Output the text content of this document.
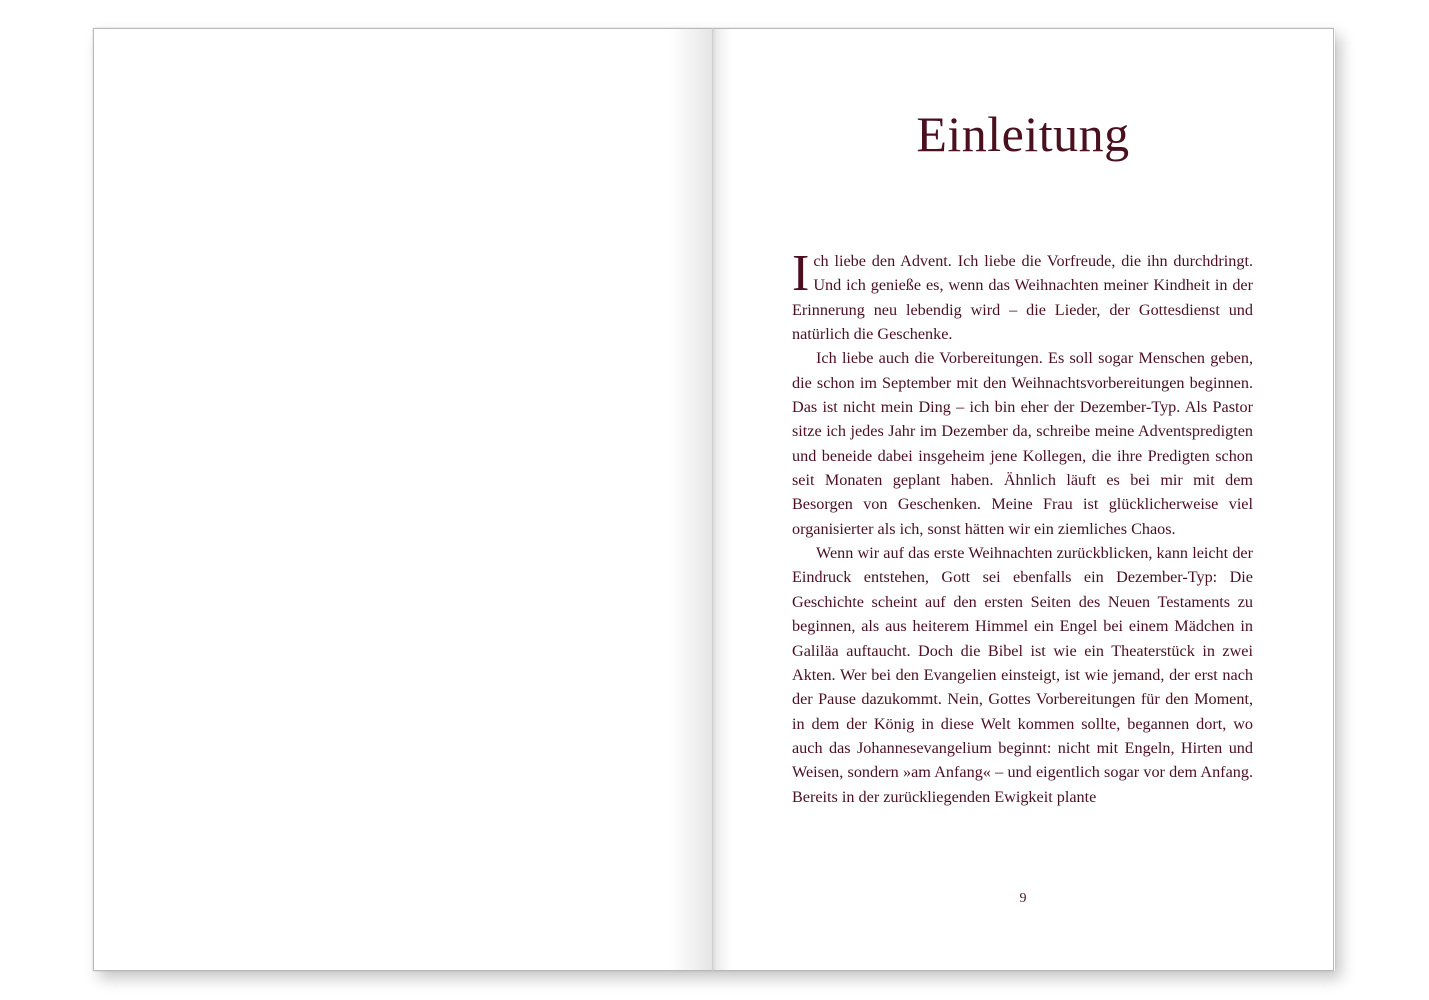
Einleitung

Ich liebe den Advent. Ich liebe die Vorfreude, die ihn durchdringt. Und ich genieße es, wenn das Weihnachten meiner Kindheit in der Erinnerung neu lebendig wird – die Lieder, der Gottesdienst und natürlich die Geschenke.

Ich liebe auch die Vorbereitungen. Es soll sogar Menschen geben, die schon im September mit den Weihnachtsvorbereitungen beginnen. Das ist nicht mein Ding – ich bin eher der Dezember-Typ. Als Pastor sitze ich jedes Jahr im Dezember da, schreibe meine Adventspredigten und beneide dabei insgeheim jene Kollegen, die ihre Predigten schon seit Monaten geplant haben. Ähnlich läuft es bei mir mit dem Besorgen von Geschenken. Meine Frau ist glücklicherweise viel organisierter als ich, sonst hätten wir ein ziemliches Chaos.

Wenn wir auf das erste Weihnachten zurückblicken, kann leicht der Eindruck entstehen, Gott sei ebenfalls ein Dezember-Typ: Die Geschichte scheint auf den ersten Seiten des Neuen Testaments zu beginnen, als aus heiterem Himmel ein Engel bei einem Mädchen in Galiläa auftaucht. Doch die Bibel ist wie ein Theaterstück in zwei Akten. Wer bei den Evangelien einsteigt, ist wie jemand, der erst nach der Pause dazukommt. Nein, Gottes Vorbereitungen für den Moment, in dem der König in diese Welt kommen sollte, begannen dort, wo auch das Johannesevangelium beginnt: nicht mit Engeln, Hirten und Weisen, sondern »am Anfang« – und eigentlich sogar vor dem Anfang. Bereits in der zurückliegenden Ewigkeit plante

9
